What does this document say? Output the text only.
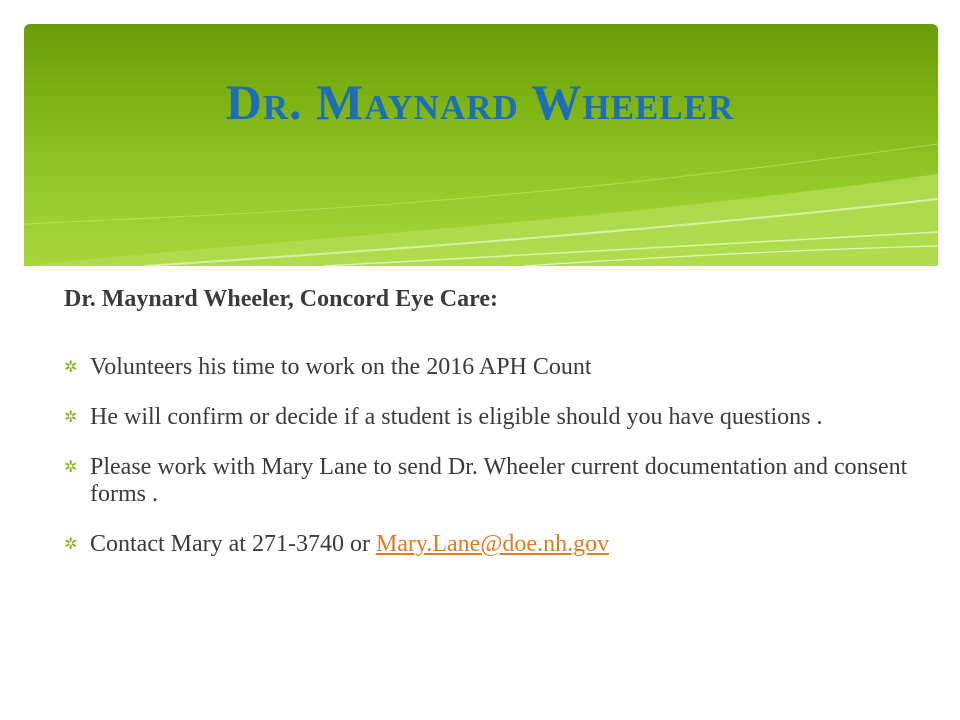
Dr. Maynard Wheeler
Dr. Maynard Wheeler, Concord Eye Care:
✲ Volunteers his time to work on the 2016 APH Count
✲ He will confirm or decide if a student is eligible should you have questions .
✲ Please work with Mary Lane to send Dr. Wheeler current documentation and consent forms .
✲ Contact Mary at 271-3740 or Mary.Lane@doe.nh.gov
